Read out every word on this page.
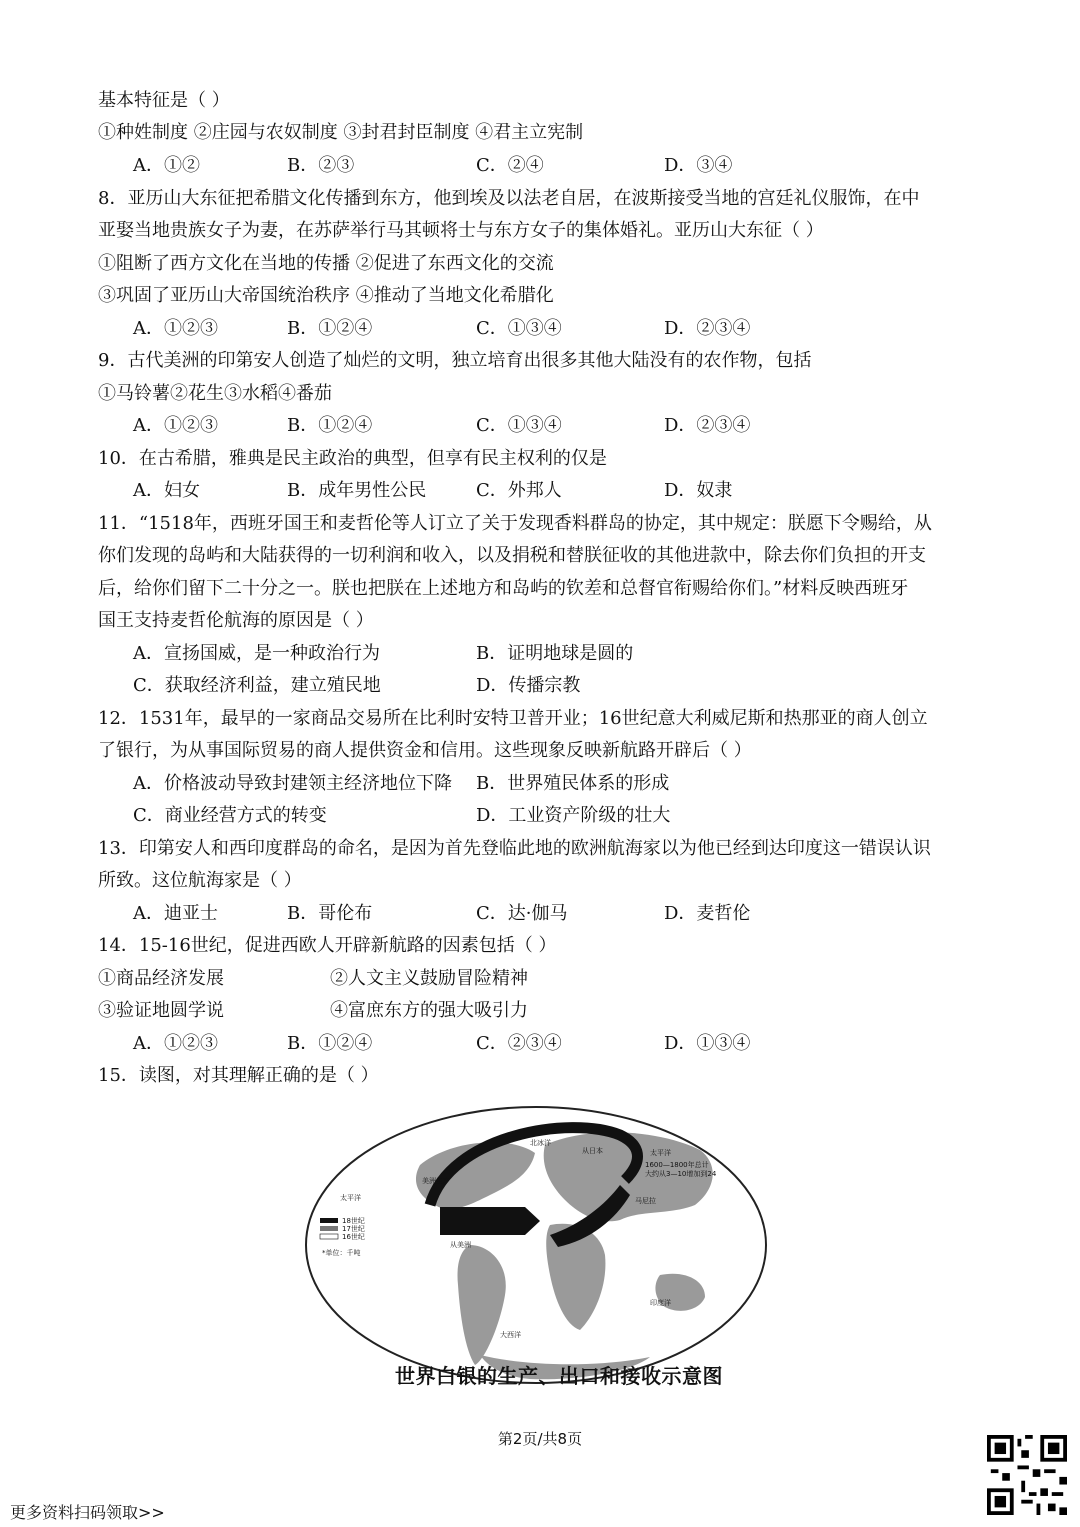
基本特征是（ ）
①种姓制度 ②庄园与农奴制度 ③封君封臣制度 ④君主立宪制
A．①②	B．②③	C．②④	D．③④
8．亚历山大东征把希腊文化传播到东方，他到埃及以法老自居，在波斯接受当地的宫廷礼仪服饰，在中
亚娶当地贵族女子为妻，在苏萨举行马其顿将士与东方女子的集体婚礼。亚历山大东征（ ）
①阻断了西方文化在当地的传播 ②促进了东西文化的交流
③巩固了亚历山大帝国统治秩序 ④推动了当地文化希腊化
A．①②③	B．①②④	C．①③④	D．②③④
9．古代美洲的印第安人创造了灿烂的文明，独立培育出很多其他大陆没有的农作物，包括
①马铃薯②花生③水稻④番茄
A．①②③	B．①②④	C．①③④	D．②③④
10．在古希腊，雅典是民主政治的典型，但享有民主权利的仅是
A．妇女	B．成年男性公民	C．外邦人	D．奴隶
11．“1518年，西班牙国王和麦哲伦等人订立了关于发现香料群岛的协定，其中规定：朕愿下令赐给，从
你们发现的岛屿和大陆获得的一切利润和收入，以及捐税和替朕征收的其他进款中，除去你们负担的开支
后，给你们留下二十分之一。朕也把朕在上述地方和岛屿的钦差和总督官衔赐给你们。”材料反映西班牙
国王支持麦哲伦航海的原因是（ ）
A．宣扬国威，是一种政治行为	B．证明地球是圆的
C．获取经济利益，建立殖民地	D．传播宗教
12．1531年，最早的一家商品交易所在比利时安特卫普开业；16世纪意大利威尼斯和热那亚的商人创立
了银行，为从事国际贸易的商人提供资金和信用。这些现象反映新航路开辟后（ ）
A．价格波动导致封建领主经济地位下降 B．世界殖民体系的形成
C．商业经营方式的转变	D．工业资产阶级的壮大
13．印第安人和西印度群岛的命名，是因为首先登临此地的欧洲航海家以为他已经到达印度这一错误认识
所致。这位航海家是（ ）
A．迪亚士	B．哥伦布	C．达·伽马	D．麦哲伦
14．15-16世纪，促进西欧人开辟新航路的因素包括（ ）
①商品经济发展	②人文主义鼓励冒险精神
③验证地圆学说	④富庶东方的强大吸引力
A．①②③	B．①②④	C．②③④	D．①③④
15．读图，对其理解正确的是（ ）
太平洋
太平洋
北冰洋
印度洋
大西洋
从日本
马尼拉
美洲生产
从美洲
1600—1800年总计
大约从3—10增加到24
18世纪
17世纪
16世纪
*单位：千吨
世界白银的生产、出口和接收示意图
第2页/共8页
更多资料扫码领取>>
